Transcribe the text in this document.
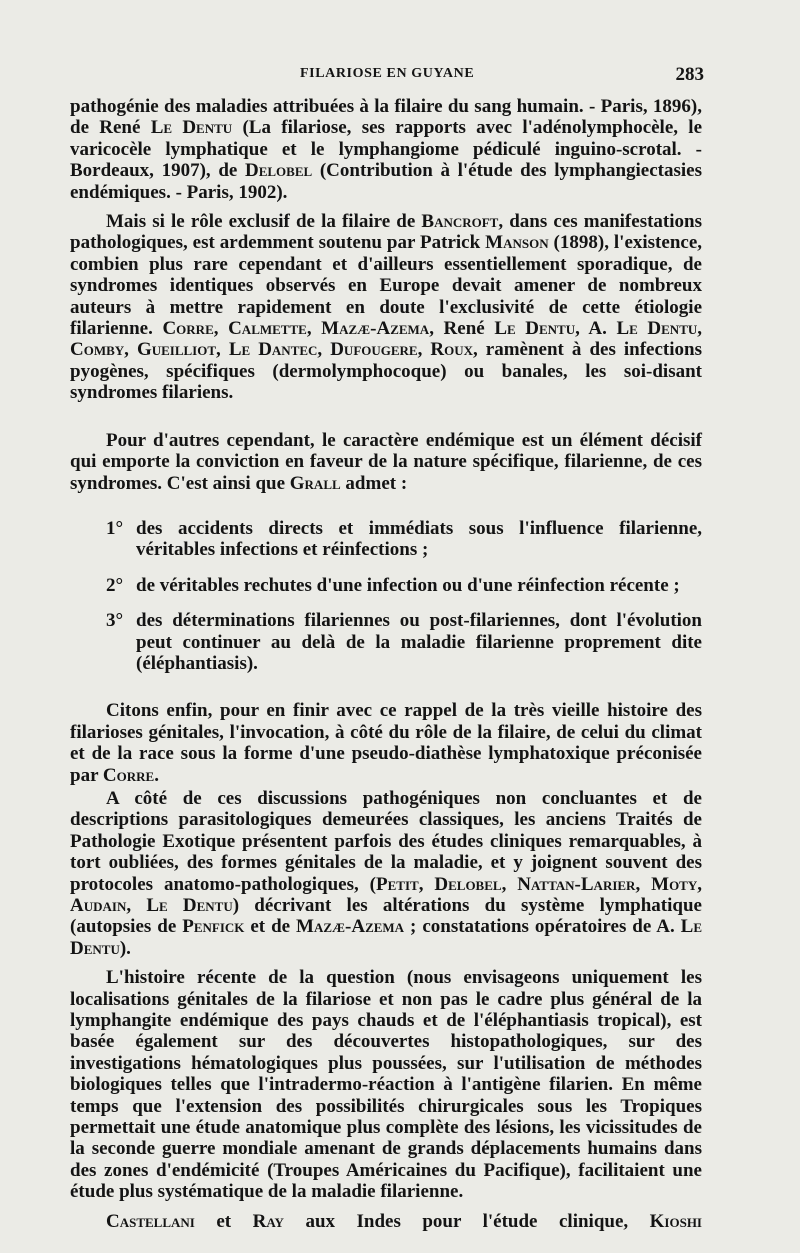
FILARIOSE EN GUYANE	283

pathogénie des maladies attribuées à la filaire du sang humain. - Paris, 1896), de René Le Dentu (La filariose, ses rapports avec l'adénolymphocèle, le varicocèle lymphatique et le lymphangiome pédiculé inguino-scrotal. - Bordeaux, 1907), de Delobel (Contribution à l'étude des lymphangiectasies endémiques. - Paris, 1902).

Mais si le rôle exclusif de la filaire de Bancroft, dans ces manifestations pathologiques, est ardemment soutenu par Patrick Manson (1898), l'existence, combien plus rare cependant et d'ailleurs essentiellement sporadique, de syndromes identiques observés en Europe devait amener de nombreux auteurs à mettre rapidement en doute l'exclusivité de cette étiologie filarienne. Corre, Calmette, Mazæ-Azema, René Le Dentu, A. Le Dentu, Comby, Gueilliot, Le Dantec, Dufougere, Roux, ramènent à des infections pyogènes, spécifiques (dermolymphocoque) ou banales, les soi-disant syndromes filariens.

Pour d'autres cependant, le caractère endémique est un élément décisif qui emporte la conviction en faveur de la nature spécifique, filarienne, de ces syndromes. C'est ainsi que Grall admet :

1° des accidents directs et immédiats sous l'influence filarienne, véritables infections et réinfections ;
2° de véritables rechutes d'une infection ou d'une réinfection récente ;
3° des déterminations filariennes ou post-filariennes, dont l'évolution peut continuer au delà de la maladie filarienne proprement dite (éléphantiasis).

Citons enfin, pour en finir avec ce rappel de la très vieille histoire des filarioses génitales, l'invocation, à côté du rôle de la filaire, de celui du climat et de la race sous la forme d'une pseudo-diathèse lymphatoxique préconisée par Corre.

A côté de ces discussions pathogéniques non concluantes et de descriptions parasitologiques demeurées classiques, les anciens Traités de Pathologie Exotique présentent parfois des études cliniques remarquables, à tort oubliées, des formes génitales de la maladie, et y joignent souvent des protocoles anatomo-pathologiques, (Petit, Delobel, Nattan-Larier, Moty, Audain, Le Dentu) décrivant les altérations du système lymphatique (autopsies de Penfick et de Mazæ-Azema ; constatations opératoires de A. Le Dentu).

L'histoire récente de la question (nous envisageons uniquement les localisations génitales de la filariose et non pas le cadre plus général de la lymphangite endémique des pays chauds et de l'éléphantiasis tropical), est basée également sur des découvertes histopathologiques, sur des investigations hématologiques plus poussées, sur l'utilisation de méthodes biologiques telles que l'intradermo-réaction à l'antigène filarien. En même temps que l'extension des possibilités chirurgicales sous les Tropiques permettait une étude anatomique plus complète des lésions, les vicissitudes de la seconde guerre mondiale amenant de grands déplacements humains dans des zones d'endémicité (Troupes Américaines du Pacifique), facilitaient une étude plus systématique de la maladie filarienne.

Castellani et Ray aux Indes pour l'étude clinique, Kioshi
